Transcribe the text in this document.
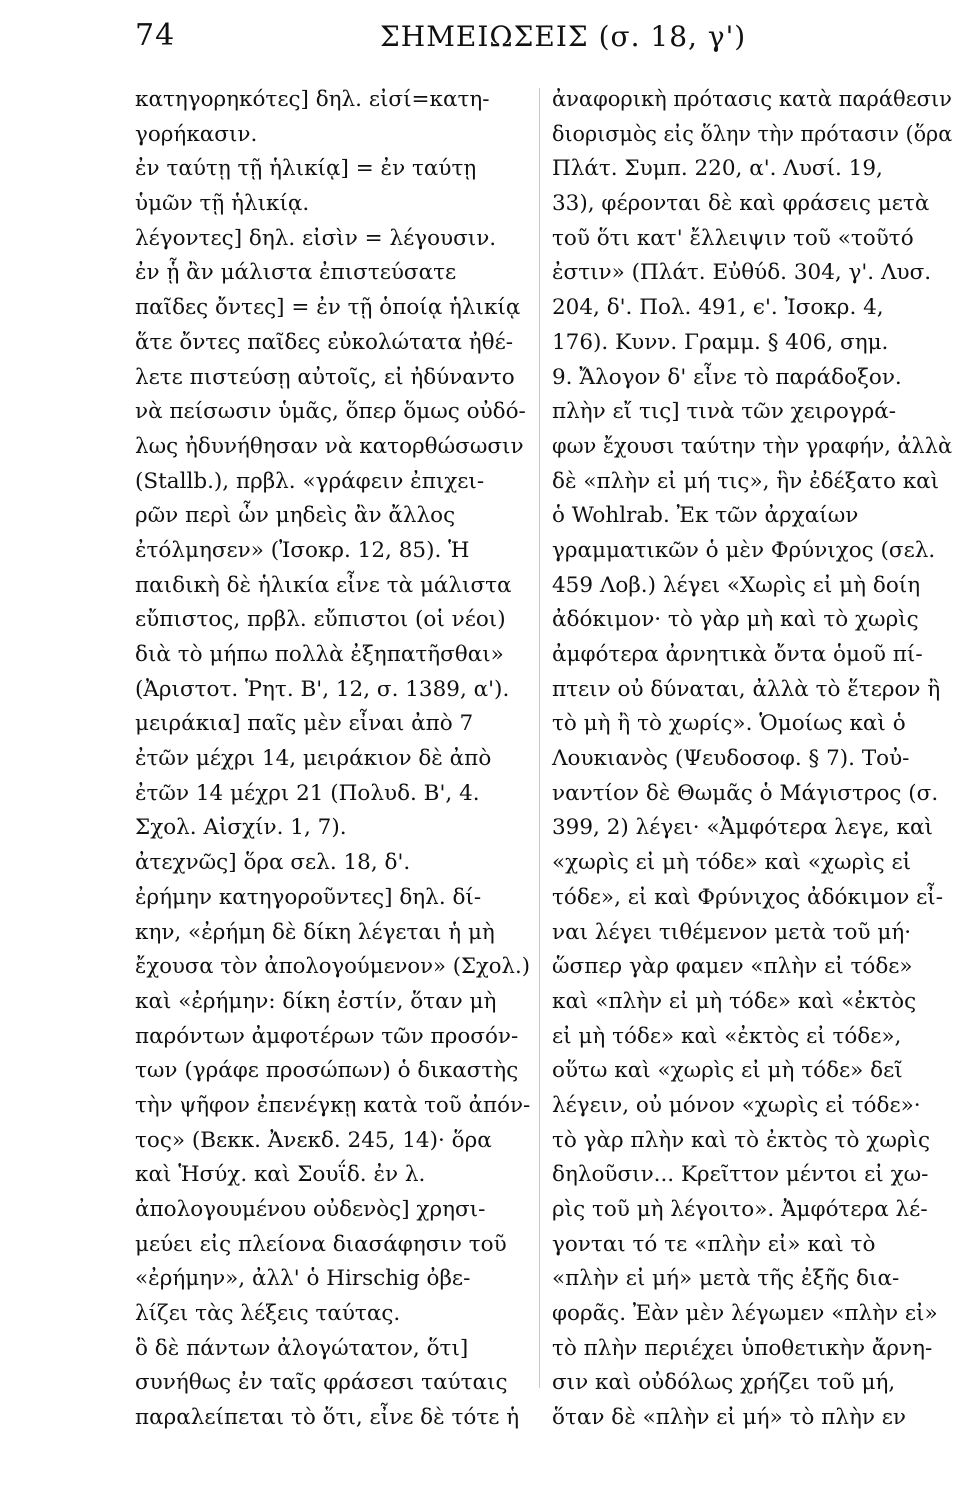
74	ΣΗΜΕΙΩΣΕΙΣ (σ. 18, γ')
κατηγορηκότες] δηλ. εἰσί=κατη-
γορήκασιν.
ἐν ταύτῃ τῇ ἡλικίᾳ] = ἐν ταύτῃ
ὑμῶν τῇ ἡλικίᾳ.
λέγοντες] δηλ. εἰσὶν = λέγουσιν.
ἐν ᾗ ἂν μάλιστα ἐπιστεύσατε
παῖδες ὄντες] = ἐν τῇ ὁποίᾳ ἡλικίᾳ
ἅτε ὄντες παῖδες εὐκολώτατα ἠθέ-
λετε πιστεύσῃ αὐτοῖς, εἰ ἠδύναντο
νὰ πείσωσιν ὑμᾶς, ὅπερ ὅμως οὐδό-
λως ἠδυνήθησαν νὰ κατορθώσωσιν
(Stallb.), πρβλ. «γράφειν ἐπιχει-
ρῶν περὶ ὧν μηδεὶς ἂν ἄλλος
ἐτόλμησεν» (Ἰσοκρ. 12, 85). Ἡ
παιδικὴ δὲ ἡλικία εἶνε τὰ μάλιστα
εὔπιστος, πρβλ. εὔπιστοι (οἱ νέοι)
διὰ τὸ μήπω πολλὰ ἐξηπατῆσθαι»
(Ἀριστοτ. Ῥητ. Β', 12, σ. 1389, α').
μειράκια] παῖς μὲν εἶναι ἀπὸ 7
ἐτῶν μέχρι 14, μειράκιον δὲ ἀπὸ
ἐτῶν 14 μέχρι 21 (Πολυδ. Β', 4.
Σχολ. Αἰσχίν. 1, 7).
ἀτεχνῶς] ὅρα σελ. 18, δ'.
ἐρήμην κατηγοροῦντες] δηλ. δί-
κην, «ἐρήμη δὲ δίκη λέγεται ἡ μὴ
ἔχουσα τὸν ἀπολογούμενον» (Σχολ.)
καὶ «ἐρήμην: δίκη ἐστίν, ὅταν μὴ
παρόντων ἀμφοτέρων τῶν προσόν-
των (γράφε προσώπων) ὁ δικαστὴς
τὴν ψῆφον ἐπενέγκῃ κατὰ τοῦ ἀπόν-
τος» (Βεκκ. Ἀνεκδ. 245, 14)· ὅρα
καὶ Ἡσύχ. καὶ Σουΐδ. ἐν λ.
ἀπολογουμένου οὐδενὸς] χρησι-
μεύει εἰς πλείονα διασάφησιν τοῦ
«ἐρήμην», ἀλλ' ὁ Hirschig ὀβε-
λίζει τὰς λέξεις ταύτας.
ὃ δὲ πάντων ἀλογώτατον, ὅτι]
συνήθως ἐν ταῖς φράσεσι ταύταις
παραλείπεται τὸ ὅτι, εἶνε δὲ τότε ἡ
ἀναφορικὴ πρότασις κατὰ παράθεσιν
διορισμὸς εἰς ὅλην τὴν πρότασιν (ὅρα
Πλάτ. Συμπ. 220, α'. Λυσί. 19,
33), φέρονται δὲ καὶ φράσεις μετὰ
τοῦ ὅτι κατ' ἔλλειψιν τοῦ «τοῦτό
ἐστιν» (Πλάτ. Εὐθύδ. 304, γ'. Λυσ.
204, δ'. Πολ. 491, ϵ'. Ἰσοκρ. 4,
176). Κυνν. Γραμμ. § 406, σημ.
9. Ἄλογον δ' εἶνε τὸ παράδοξον.
πλὴν εἴ τις] τινὰ τῶν χειρογρά-
φων ἔχουσι ταύτην τὴν γραφήν, ἀλλὰ
δὲ «πλὴν εἰ μή τις», ἣν ἐδέξατο καὶ
ὁ Wohlrab. Ἐκ τῶν ἀρχαίων
γραμματικῶν ὁ μὲν Φρύνιχος (σελ.
459 Λοβ.) λέγει «Χωρὶς εἰ μὴ δοίη
ἀδόκιμον· τὸ γὰρ μὴ καὶ τὸ χωρὶς
ἀμφότερα ἀρνητικὰ ὄντα ὁμοῦ πί-
πτειν οὐ δύναται, ἀλλὰ τὸ ἕτερον ἢ
τὸ μὴ ἢ τὸ χωρίς». Ὁμοίως καὶ ὁ
Λουκιανὸς (Ψευδοσοφ. § 7). Τοὐ-
ναντίον δὲ Θωμᾶς ὁ Μάγιστρος (σ.
399, 2) λέγει· «Ἀμφότερα λεγε, καὶ
«χωρὶς εἰ μὴ τόδε» καὶ «χωρὶς εἰ
τόδε», εἰ καὶ Φρύνιχος ἀδόκιμον εἶ-
ναι λέγει τιθέμενον μετὰ τοῦ μή·
ὥσπερ γὰρ φαμεν «πλὴν εἰ τόδε»
καὶ «πλὴν εἰ μὴ τόδε» καὶ «ἐκτὸς
εἰ μὴ τόδε» καὶ «ἐκτὸς εἰ τόδε»,
οὕτω καὶ «χωρὶς εἰ μὴ τόδε» δεῖ
λέγειν, οὐ μόνον «χωρὶς εἰ τόδε»·
τὸ γὰρ πλὴν καὶ τὸ ἐκτὸς τὸ χωρὶς
δηλοῦσιν... Κρεῖττον μέντοι εἰ χω-
ρὶς τοῦ μὴ λέγοιτο». Ἀμφότερα λέ-
γονται τό τε «πλὴν εἰ» καὶ τὸ
«πλὴν εἰ μή» μετὰ τῆς ἐξῆς δια-
φορᾶς. Ἐὰν μὲν λέγωμεν «πλὴν εἰ»
τὸ πλὴν περιέχει ὑποθετικὴν ἄρνη-
σιν καὶ οὐδόλως χρήζει τοῦ μή,
ὅταν δὲ «πλὴν εἰ μή» τὸ πλὴν εν
